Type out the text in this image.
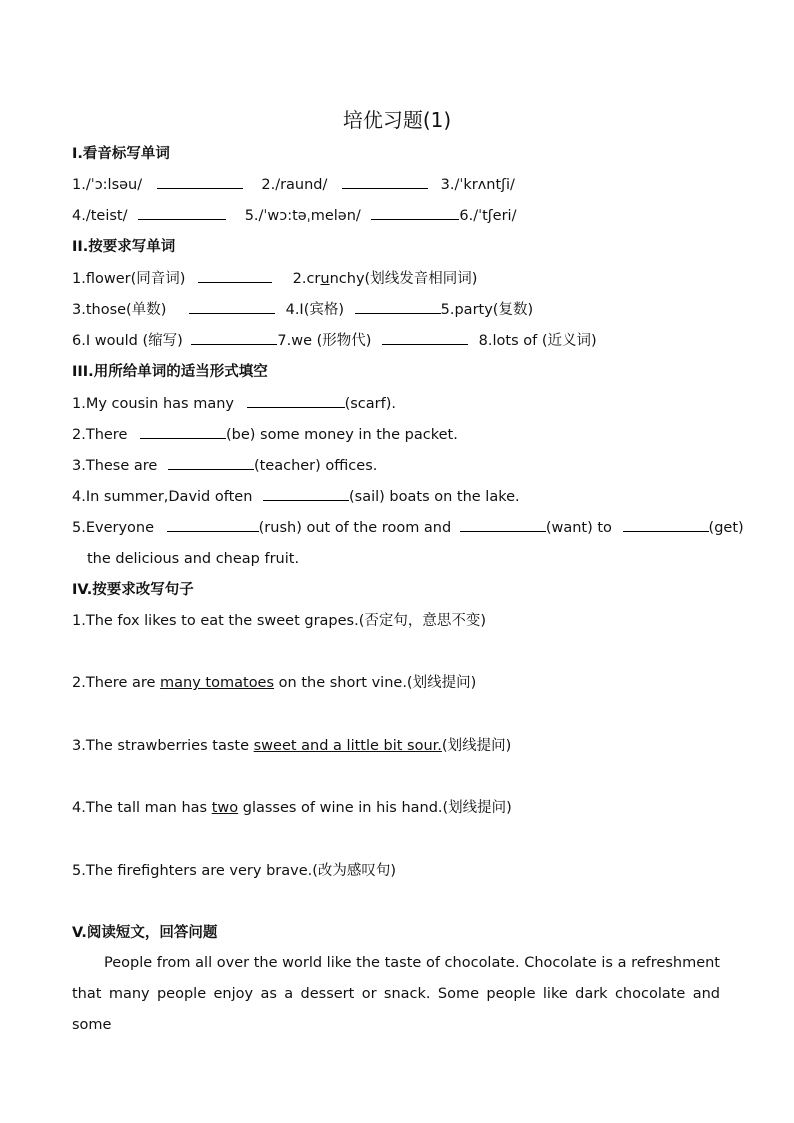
培优习题(1)
I.看音标写单词
1./ˈɔ:lsəu/	2./raund/	3./ˈkrʌntʃi/
4./teist/	5./ˈwɔ:təˌmelən/	6./ˈtʃeri/
II.按要求写单词
1.flower(同音词)	2.crunchy(划线发音相同词)
3.those(单数)	4.I(宾格)	5.party(复数)
6.I would (缩写)	7.we (形物代)	8.lots of (近义词)
III.用所给单词的适当形式填空
1.My cousin has many	(scarf).
2.There	(be) some money in the packet.
3.These are	(teacher) offices.
4.In summer,David often	(sail) boats on the lake.
5.Everyone	(rush) out of the room and	(want) to	(get)
the delicious and cheap fruit.
IV.按要求改写句子
1.The fox likes to eat the sweet grapes.(否定句，意思不变)
2.There are many tomatoes on the short vine.(划线提问)
3.The strawberries taste sweet and a little bit sour.(划线提问)
4.The tall man has two glasses of wine in his hand.(划线提问)
5.The firefighters are very brave.(改为感叹句)
V.阅读短文，回答问题

People from all over the world like the taste of chocolate. Chocolate is a refreshment that many people enjoy as a dessert or snack. Some people like dark chocolate and some
